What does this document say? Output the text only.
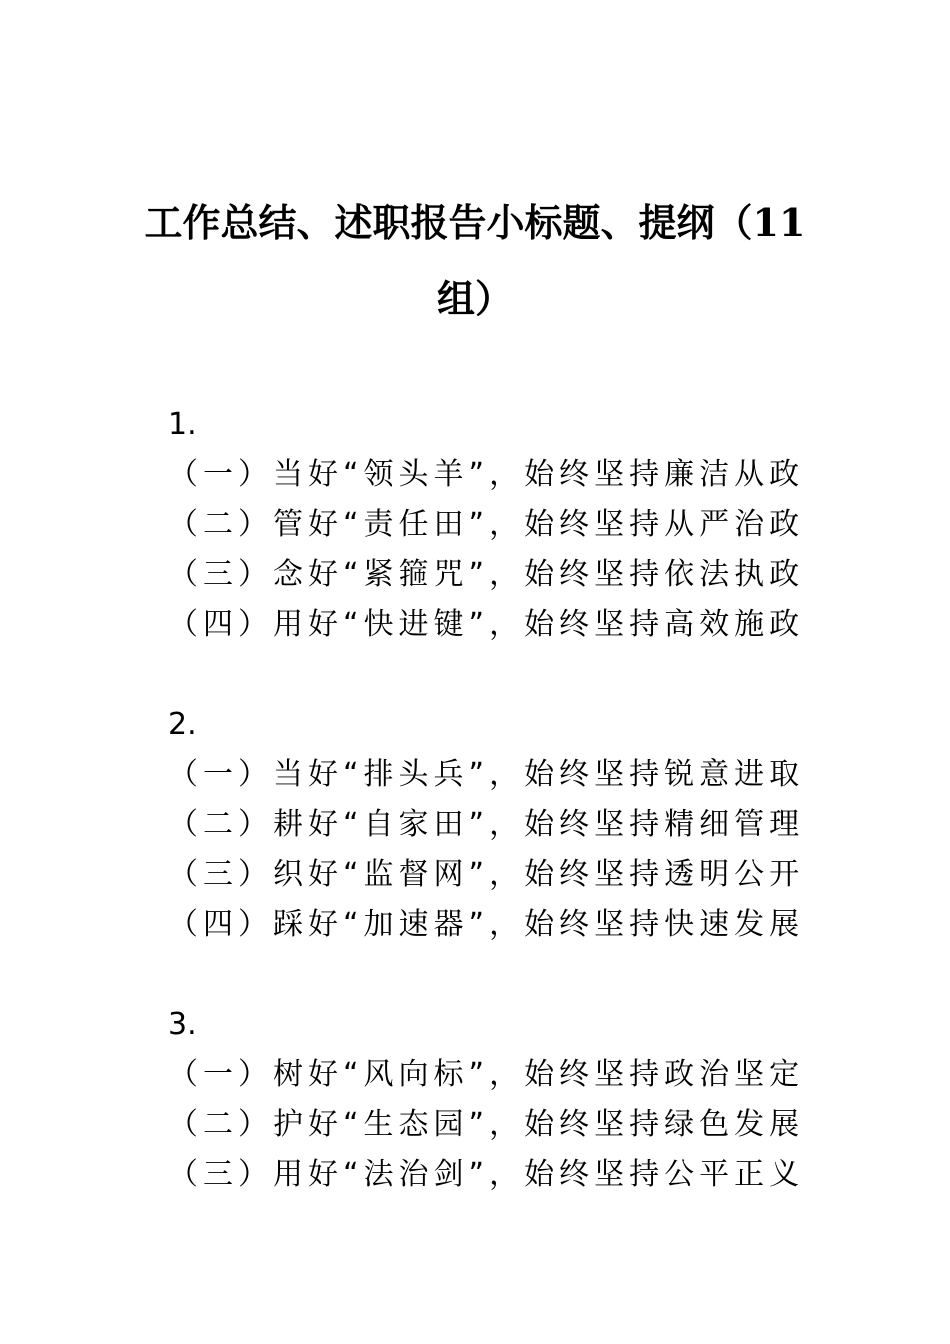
工作总结、述职报告小标题、提纲（11组）
1.
（一）当好“领头羊”，始终坚持廉洁从政
（二）管好“责任田”，始终坚持从严治政
（三）念好“紧箍咒”，始终坚持依法执政
（四）用好“快进键”，始终坚持高效施政
2.
（一）当好“排头兵”，始终坚持锐意进取
（二）耕好“自家田”，始终坚持精细管理
（三）织好“监督网”，始终坚持透明公开
（四）踩好“加速器”，始终坚持快速发展
3.
（一）树好“风向标”，始终坚持政治坚定
（二）护好“生态园”，始终坚持绿色发展
（三）用好“法治剑”，始终坚持公平正义
